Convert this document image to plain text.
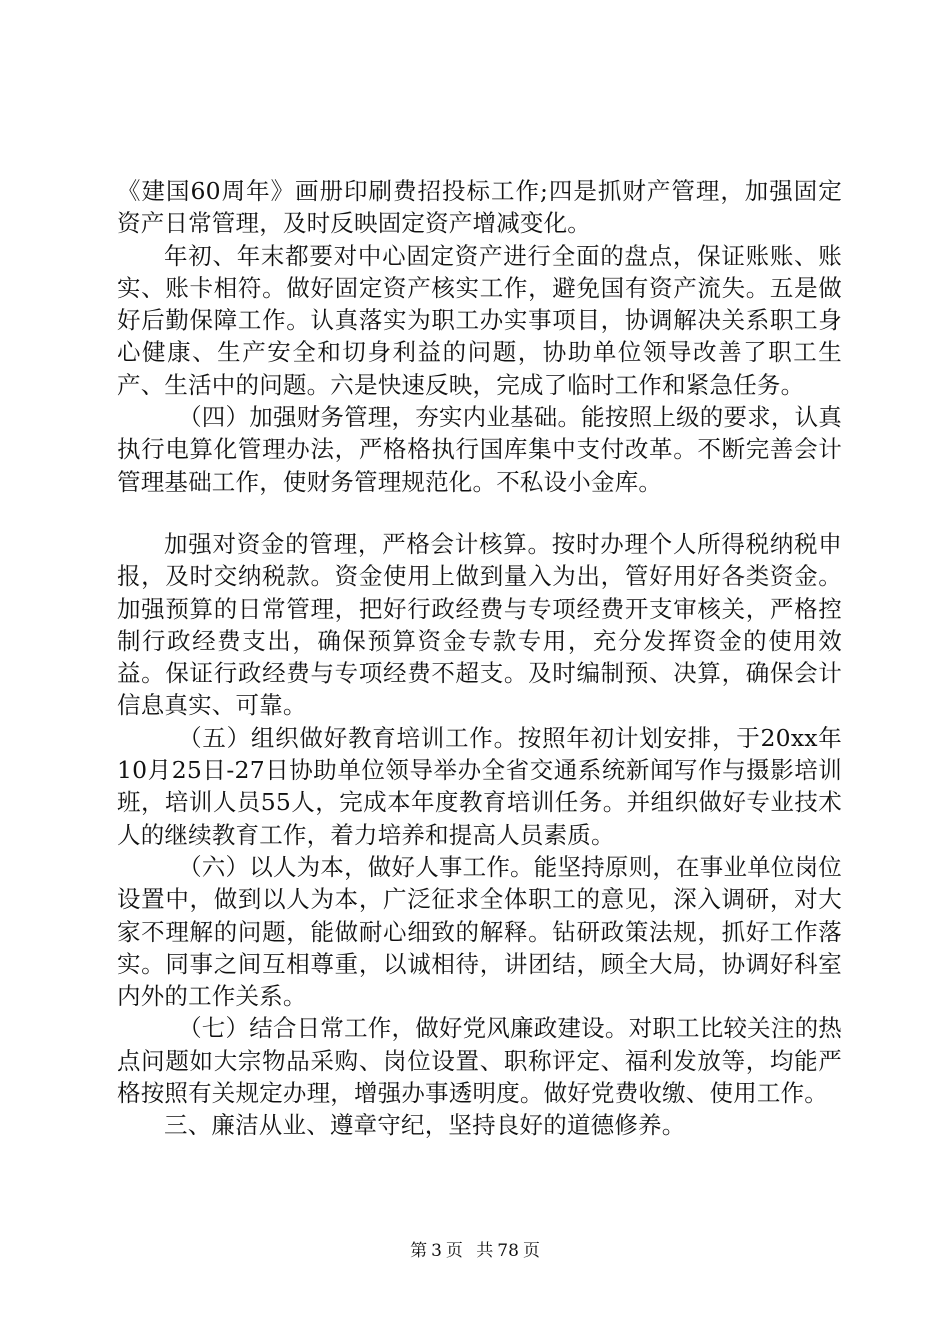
《建国60周年》画册印刷费招投标工作;四是抓财产管理，加强固定资产日常管理，及时反映固定资产增减变化。

年初、年末都要对中心固定资产进行全面的盘点，保证账账、账实、账卡相符。做好固定资产核实工作，避免国有资产流失。五是做好后勤保障工作。认真落实为职工办实事项目，协调解决关系职工身心健康、生产安全和切身利益的问题，协助单位领导改善了职工生产、生活中的问题。六是快速反映，完成了临时工作和紧急任务。

（四）加强财务管理，夯实内业基础。能按照上级的要求，认真执行电算化管理办法，严格格执行国库集中支付改革。不断完善会计管理基础工作，使财务管理规范化。不私设小金库。

加强对资金的管理，严格会计核算。按时办理个人所得税纳税申报，及时交纳税款。资金使用上做到量入为出，管好用好各类资金。加强预算的日常管理，把好行政经费与专项经费开支审核关，严格控制行政经费支出，确保预算资金专款专用，充分发挥资金的使用效益。保证行政经费与专项经费不超支。及时编制预、决算，确保会计信息真实、可靠。

（五）组织做好教育培训工作。按照年初计划安排，于20xx年10月25日-27日协助单位领导举办全省交通系统新闻写作与摄影培训班，培训人员55人，完成本年度教育培训任务。并组织做好专业技术人的继续教育工作，着力培养和提高人员素质。

（六）以人为本，做好人事工作。能坚持原则，在事业单位岗位设置中，做到以人为本，广泛征求全体职工的意见，深入调研，对大家不理解的问题，能做耐心细致的解释。钻研政策法规，抓好工作落实。同事之间互相尊重，以诚相待，讲团结，顾全大局，协调好科室内外的工作关系。

（七）结合日常工作，做好党风廉政建设。对职工比较关注的热点问题如大宗物品采购、岗位设置、职称评定、福利发放等，均能严格按照有关规定办理，增强办事透明度。做好党费收缴、使用工作。

三、廉洁从业、遵章守纪，坚持良好的道德修养。

第 3 页 共 78 页
